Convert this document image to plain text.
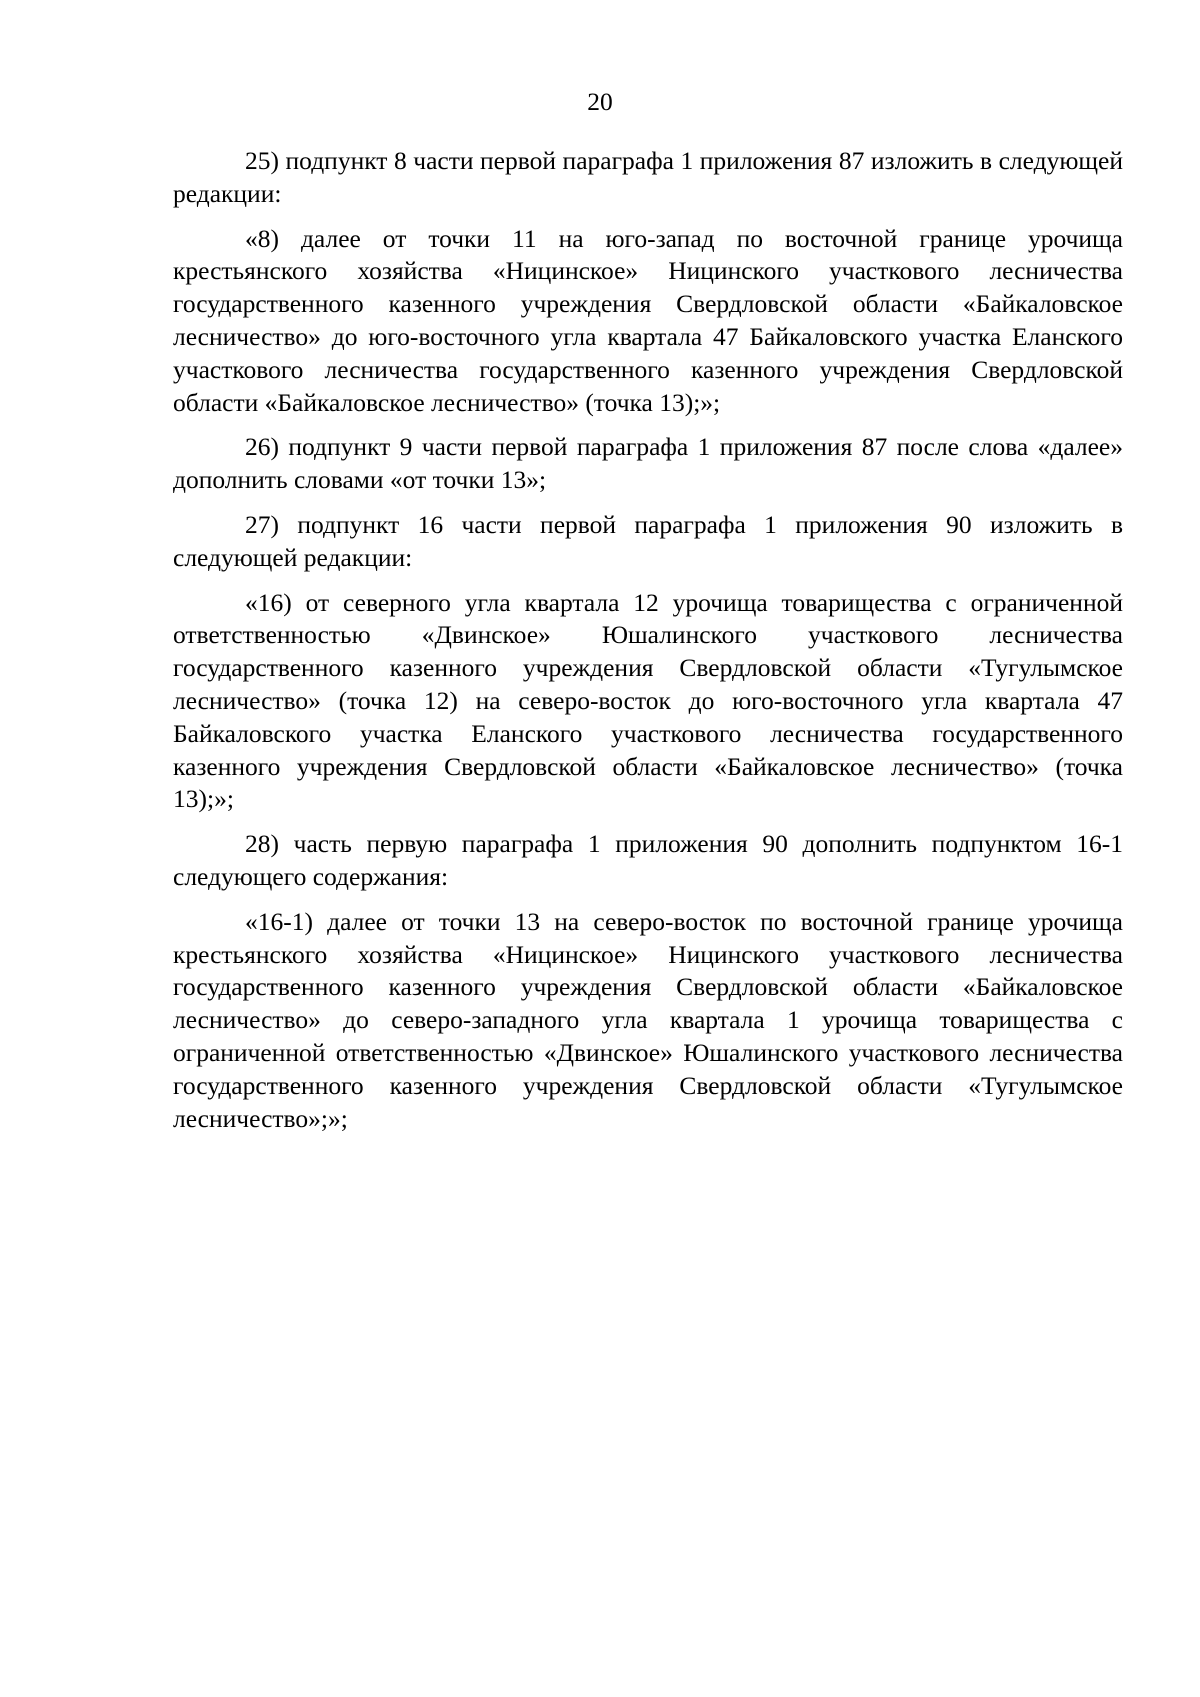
20

25) подпункт 8 части первой параграфа 1 приложения 87 изложить в следующей редакции:

«8) далее от точки 11 на юго-запад по восточной границе урочища крестьянского хозяйства «Ницинское» Ницинского участкового лесничества государственного казенного учреждения Свердловской области «Байкаловское лесничество» до юго-восточного угла квартала 47 Байкаловского участка Еланского участкового лесничества государственного казенного учреждения Свердловской области «Байкаловское лесничество» (точка 13);»;

26) подпункт 9 части первой параграфа 1 приложения 87 после слова «далее» дополнить словами «от точки 13»;

27) подпункт 16 части первой параграфа 1 приложения 90 изложить в следующей редакции:

«16) от северного угла квартала 12 урочища товарищества с ограниченной ответственностью «Двинское» Юшалинского участкового лесничества государственного казенного учреждения Свердловской области «Тугулымское лесничество» (точка 12) на северо-восток до юго-восточного угла квартала 47 Байкаловского участка Еланского участкового лесничества государственного казенного учреждения Свердловской области «Байкаловское лесничество» (точка 13);»;

28) часть первую параграфа 1 приложения 90 дополнить подпунктом 16-1 следующего содержания:

«16-1) далее от точки 13 на северо-восток по восточной границе урочища крестьянского хозяйства «Ницинское» Ницинского участкового лесничества государственного казенного учреждения Свердловской области «Байкаловское лесничество» до северо-западного угла квартала 1 урочища товарищества с ограниченной ответственностью «Двинское» Юшалинского участкового лесничества государственного казенного учреждения Свердловской области «Тугулымское лесничество»;»;
